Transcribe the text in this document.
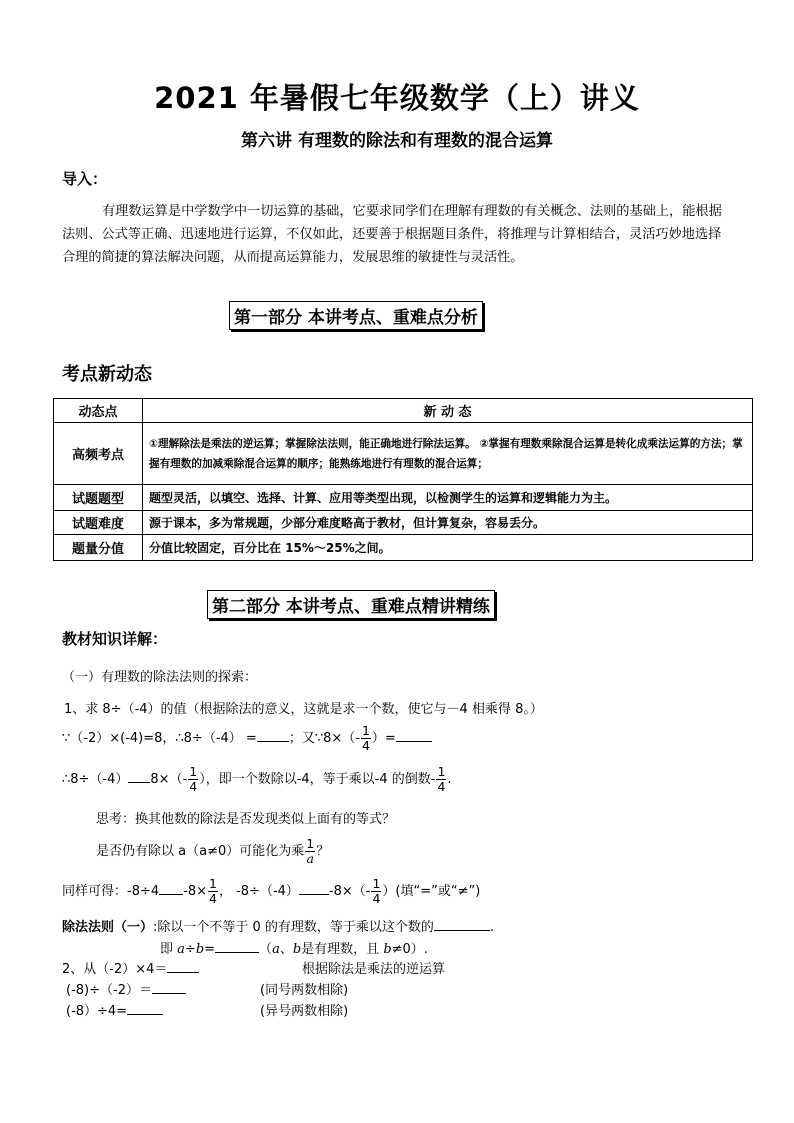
2021 年暑假七年级数学（上）讲义
第六讲 有理数的除法和有理数的混合运算
导入：
有理数运算是中学数学中一切运算的基础，它要求同学们在理解有理数的有关概念、法则的基础上，能根据法则、公式等正确、迅速地进行运算，不仅如此，还要善于根据题目条件，将推理与计算相结合，灵活巧妙地选择合理的简捷的算法解决问题，从而提高运算能力，发展思维的敏捷性与灵活性。
第一部分 本讲考点、重难点分析
考点新动态
动态点	新 动 态
高频考点	①理解除法是乘法的逆运算；掌握除法法则，能正确地进行除法运算。 ②掌握有理数乘除混合运算是转化成乘法运算的方法；掌握有理数的加减乘除混合运算的顺序；能熟练地进行有理数的混合运算；
试题题型	题型灵活，以填空、选择、计算、应用等类型出现，以检测学生的运算和逻辑能力为主。
试题难度	源于课本，多为常规题，少部分难度略高于教材，但计算复杂，容易丢分。
题量分值	分值比较固定，百分比在 15%～25%之间。
第二部分 本讲考点、重难点精讲精练
教材知识详解：
（一）有理数的除法法则的探索：
1、求 8÷（-4）的值（根据除法的意义，这就是求一个数，使它与－4 相乘得 8。）
∵（-2）×(-4)=8，∴8÷（-4） = ；又∵8×（- $\frac{1}{4}$ ）=
∴8÷（-4） $8\times(- \frac{1}{4}$ ），即一个数除以-4，等于乘以-4 的倒数- $\frac{1}{4}$ .
思考：换其他数的除法是否发现类似上面有的等式？
是否仍有除以 a（a≠0）可能化为乘 $\frac{1}{a}$ ？
同样可得：-8÷4 $-8\times \frac{1}{4}$ ， -8÷（-4） $-8\times(- \frac{1}{4}$ ）(填“=”或“≠”)
除法法则（一）:除以一个不等于 0 的有理数，等于乘以这个数的	.
即 a÷b=	（a、b是有理数，且 b≠0）.
2、从（-2）×4＝	根据除法是乘法的逆运算
(-8)÷（-2）＝	(同号两数相除)
(-8）÷4=	(异号两数相除)
